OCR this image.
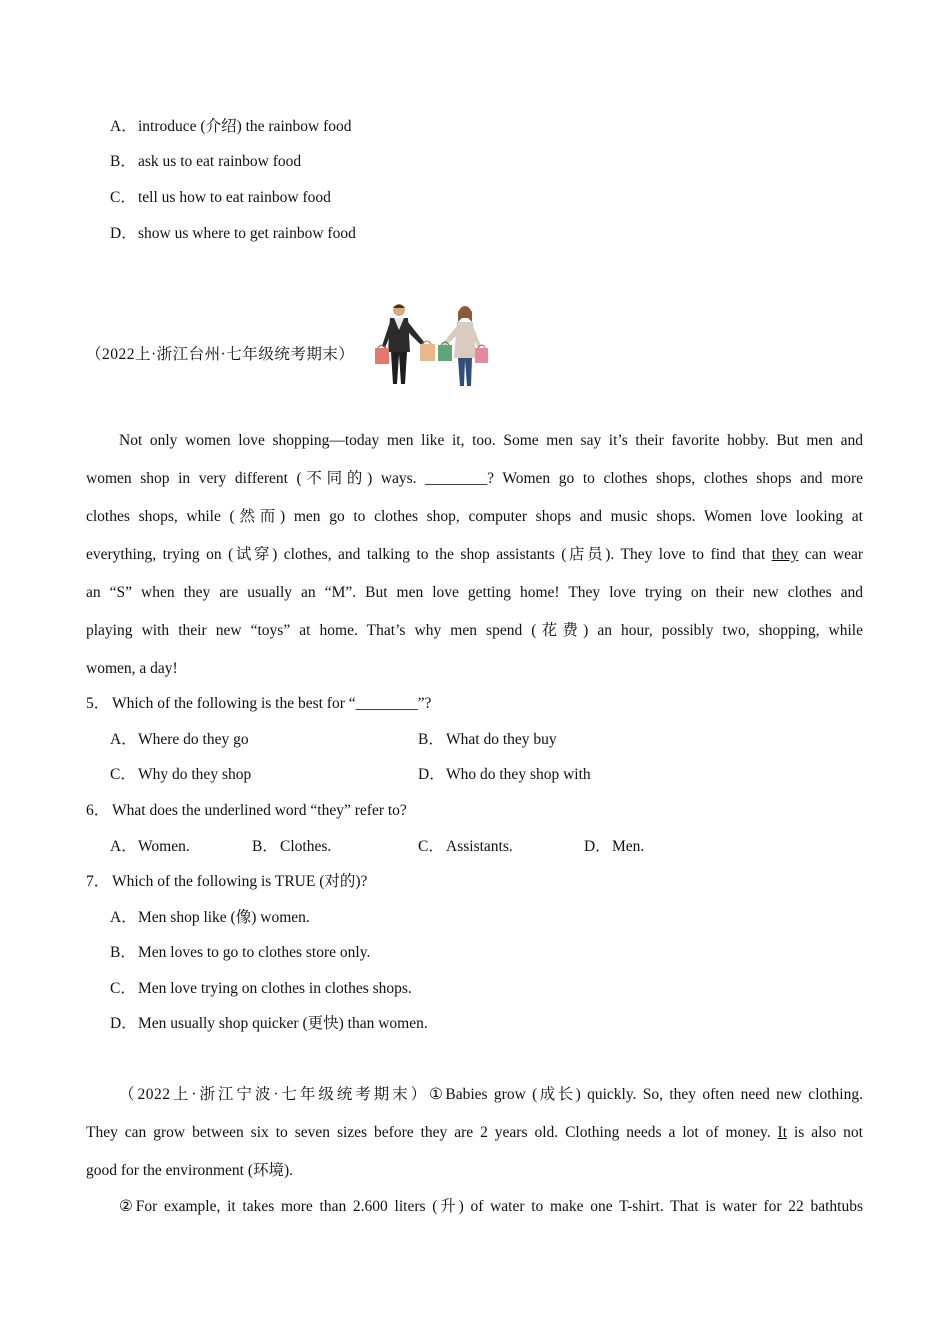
A．introduce (介绍) the rainbow food
B． ask us to eat rainbow food
C． tell us how to eat rainbow food
D．show us where to get rainbow food
（2022上·浙江台州·七年级统考期末）
Not only women love shopping—today men like it, too. Some men say it’s their favorite hobby. But men and
women shop in very different (不同的) ways. ________? Women go to clothes shops, clothes shops and more
clothes shops, while (然而) men go to clothes shop, computer shops and music shops. Women love looking at
everything, trying on (试穿) clothes, and talking to the shop assistants (店员). They love to find that they can wear
an “S” when they are usually an “M”. But men love getting home! They love trying on their new clothes and
playing with their new “toys” at home. That’s why men spend (花费) an hour, possibly two, shopping, while
women, a day!
5． Which of the following is the best for “________”?
A．Where do they go	B． What do they buy
C． Why do they shop	D．Who do they shop with
6． What does the underlined word “they” refer to?
A．Women.	B． Clothes.	C． Assistants.	D．Men.
7． Which of the following is TRUE (对的)?
A．Men shop like (像) women.
B． Men loves to go to clothes store only.
C． Men love trying on clothes in clothes shops.
D．Men usually shop quicker (更快) than women.
（2022上·浙江宁波·七年级统考期末）①Babies grow (成长) quickly. So, they often need new clothing.
They can grow between six to seven sizes before they are 2 years old. Clothing needs a lot of money. It is also not
good for the environment (环境).
②For example, it takes more than 2.600 liters (升) of water to make one T-shirt. That is water for 22 bathtubs
